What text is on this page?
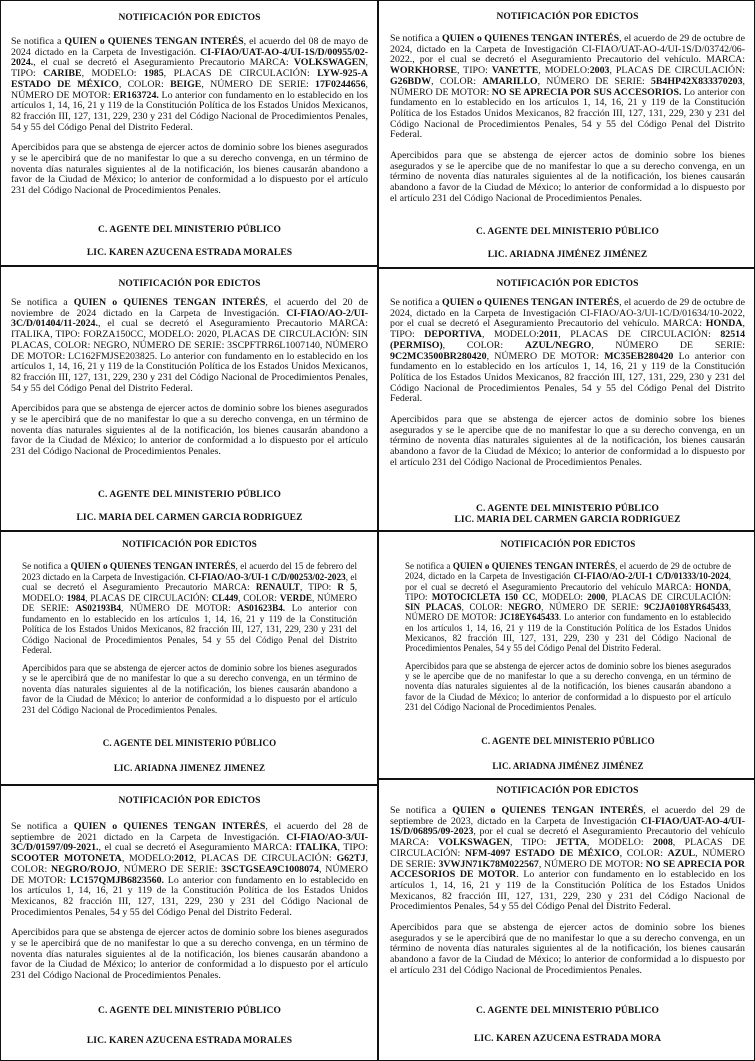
NOTIFICACIÓN POR EDICTOS

Se notifica a QUIEN o QUIENES TENGAN INTERÉS, el acuerdo del 08 de mayo de 2024 dictado en la Carpeta de Investigación. CI-FIAO/UAT-AO-4/UI-1S/D/00955/02-2024., el cual se decretó el Aseguramiento Precautorio MARCA: VOLKSWAGEN, TIPO: CARIBE, MODELO: 1985, PLACAS DE CIRCULACIÓN: LYW-925-A ESTADO DE MÉXICO, COLOR: BEIGE, NÚMERO DE SERIE: 17F0244656, NÚMERO DE MOTOR: ER163724. Lo anterior con fundamento en lo establecido en los artículos 1, 14, 16, 21 y 119 de la Constitución Política de los Estados Unidos Mexicanos, 82 fracción III, 127, 131, 229, 230 y 231 del Código Nacional de Procedimientos Penales, 54 y 55 del Código Penal del Distrito Federal.

Apercibidos para que se abstenga de ejercer actos de dominio sobre los bienes asegurados y se le apercibirá que de no manifestar lo que a su derecho convenga, en un término de noventa días naturales siguientes al de la notificación, los bienes causarán abandono a favor de la Ciudad de México; lo anterior de conformidad a lo dispuesto por el artículo 231 del Código Nacional de Procedimientos Penales.

C. AGENTE DEL MINISTERIO PÚBLICO
LIC. KAREN AZUCENA ESTRADA MORALES
NOTIFICACIÓN POR EDICTOS

Se notifica a QUIEN o QUIENES TENGAN INTERÉS, el acuerdo de 29 de octubre de 2024, dictado en la Carpeta de Investigación CI-FIAO/UAT-AO-4/UI-1S/D/03742/06-2022., por el cual se decretó el Aseguramiento Precautorio del vehículo. MARCA: WORKHORSE, TIPO: VANETTE, MODELO:2003, PLACAS DE CIRCULACIÓN: G26BDW, COLOR: AMARILLO, NÚMERO DE SERIE: 5B4HP42X833370203, NÚMERO DE MOTOR: NO SE APRECIA POR SUS ACCESORIOS. Lo anterior con fundamento en lo establecido en los artículos 1, 14, 16, 21 y 119 de la Constitución Política de los Estados Unidos Mexicanos, 82 fracción III, 127, 131, 229, 230 y 231 del Código Nacional de Procedimientos Penales, 54 y 55 del Código Penal del Distrito Federal.

Apercibidos para que se abstenga de ejercer actos de dominio sobre los bienes asegurados y se le apercibe que de no manifestar lo que a su derecho convenga, en un término de noventa días naturales siguientes al de la notificación, los bienes causarán abandono a favor de la Ciudad de México; lo anterior de conformidad a lo dispuesto por el artículo 231 del Código Nacional de Procedimientos Penales.

C. AGENTE DEL MINISTERIO PÚBLICO
LIC. ARIADNA JIMÉNEZ JIMÉNEZ
NOTIFICACIÓN POR EDICTOS

Se notifica a QUIEN o QUIENES TENGAN INTERÉS, el acuerdo del 20 de noviembre de 2024 dictado en la Carpeta de Investigación. CI-FIAO/AO-2/UI-3C/D/01404/11-2024., el cual se decretó el Aseguramiento Precautorio MARCA: ITALIKA, TIPO: FORZA150CC, MODELO: 2020, PLACAS DE CIRCULACIÓN: SIN PLACAS, COLOR: NEGRO, NÚMERO DE SERIE: 3SCPFTRR6L1007140, NÚMERO DE MOTOR: LC162FMJSE203825. Lo anterior con fundamento en lo establecido en los artículos 1, 14, 16, 21 y 119 de la Constitución Política de los Estados Unidos Mexicanos, 82 fracción III, 127, 131, 229, 230 y 231 del Código Nacional de Procedimientos Penales, 54 y 55 del Código Penal del Distrito Federal.

Apercibidos para que se abstenga de ejercer actos de dominio sobre los bienes asegurados y se le apercibirá que de no manifestar lo que a su derecho convenga, en un término de noventa días naturales siguientes al de la notificación, los bienes causarán abandono a favor de la Ciudad de México; lo anterior de conformidad a lo dispuesto por el artículo 231 del Código Nacional de Procedimientos Penales.

C. AGENTE DEL MINISTERIO PÚBLICO
LIC. MARIA DEL CARMEN GARCIA RODRIGUEZ
NOTIFICACIÓN POR EDICTOS

Se notifica a QUIEN o QUIENES TENGAN INTERÉS, el acuerdo de 29 de octubre de 2024, dictado en la Carpeta de Investigación CI-FIAO/AO-3/UI-1C/D/01634/10-2022, por el cual se decretó el Aseguramiento Precautorio del vehículo. MARCA: HONDA, TIPO: DEPORTIVA, MODELO:2011, PLACAS DE CIRCULACIÓN: 82514 (PERMISO), COLOR: AZUL/NEGRO, NÚMERO DE SERIE: 9C2MC3500BR280420, NÚMERO DE MOTOR: MC35EB280420 Lo anterior con fundamento en lo establecido en los artículos 1, 14, 16, 21 y 119 de la Constitución Política de los Estados Unidos Mexicanos, 82 fracción III, 127, 131, 229, 230 y 231 del Código Nacional de Procedimientos Penales, 54 y 55 del Código Penal del Distrito Federal.

Apercibidos para que se abstenga de ejercer actos de dominio sobre los bienes asegurados y se le apercibe que de no manifestar lo que a su derecho convenga, en un término de noventa días naturales siguientes al de la notificación, los bienes causarán abandono a favor de la Ciudad de México; lo anterior de conformidad a lo dispuesto por el artículo 231 del Código Nacional de Procedimientos Penales.

C. AGENTE DEL MINISTERIO PÚBLICO
LIC. MARIA DEL CARMEN GARCIA RODRIGUEZ
NOTIFICACIÓN POR EDICTOS

Se notifica a QUIEN o QUIENES TENGAN INTERÉS, el acuerdo del 15 de febrero del 2023 dictado en la Carpeta de Investigación. CI-FIAO/AO-3/UI-1 C/D/00253/02-2023, el cual se decretó el Aseguramiento Precautorio MARCA: RENAULT, TIPO: R 5, MODELO: 1984, PLACAS DE CIRCULACIÓN: CL449, COLOR: VERDE, NÚMERO DE SERIE: AS02193B4, NÚMERO DE MOTOR: AS01623B4. Lo anterior con fundamento en lo establecido en los artículos 1, 14, 16, 21 y 119 de la Constitución Política de los Estados Unidos Mexicanos, 82 fracción III, 127, 131, 229, 230 y 231 del Código Nacional de Procedimientos Penales, 54 y 55 del Código Penal del Distrito Federal.

Apercibidos para que se abstenga de ejercer actos de dominio sobre los bienes asegurados y se le apercibirá que de no manifestar lo que a su derecho convenga, en un término de noventa días naturales siguientes al de la notificación, los bienes causarán abandono a favor de la Ciudad de México; lo anterior de conformidad a lo dispuesto por el artículo 231 del Código Nacional de Procedimientos Penales.

C. AGENTE DEL MINISTERIO PÚBLICO
LIC. ARIADNA JIMENEZ JIMENEZ
NOTIFICACIÓN POR EDICTOS

Se notifica a QUIEN o QUIENES TENGAN INTERÉS, el acuerdo de 29 de octubre de 2024, dictado en la Carpeta de Investigación CI-FIAO/AO-2/UI-1 C/D/01333/10-2024, por el cual se decretó el Aseguramiento Precautorio del vehículo MARCA: HONDA, TIPO: MOTOCICLETA 150 CC, MODELO: 2000, PLACAS DE CIRCULACIÓN: SIN PLACAS, COLOR: NEGRO, NÚMERO DE SERIE: 9C2JA0108YR645433, NÚMERO DE MOTOR: JC18EY645433. Lo anterior con fundamento en lo establecido en los artículos 1, 14, 16, 21 y 119 de la Constitución Política de los Estados Unidos Mexicanos, 82 fracción III, 127, 131, 229, 230 y 231 del Código Nacional de Procedimientos Penales, 54 y 55 del Código Penal del Distrito Federal.

Apercibidos para que se abstenga de ejercer actos de dominio sobre los bienes asegurados y se le apercibe que de no manifestar lo que a su derecho convenga, en un término de noventa días naturales siguientes al de la notificación, los bienes causarán abandono a favor de la Ciudad de México; lo anterior de conformidad a lo dispuesto por el artículo 231 del Código Nacional de Procedimientos Penales.

C. AGENTE DEL MINISTERIO PÚBLICO
LIC. ARIADNA JIMÉNEZ JIMÉNEZ
NOTIFICACIÓN POR EDICTOS

Se notifica a QUIEN o QUIENES TENGAN INTERÉS, el acuerdo del 28 de septiembre de 2021 dictado en la Carpeta de Investigación. CI-FIAO/AO-3/UI-3C/D/01597/09-2021., el cual se decretó el Aseguramiento MARCA: ITALIKA, TIPO: SCOOTER MOTONETA, MODELO:2012, PLACAS DE CIRCULACIÓN: G62TJ, COLOR: NEGRO/ROJO, NÚMERO DE SERIE: 3SCTGSEA9C1008074, NÚMERO DE MOTOR: LC157QMJB6823560. Lo anterior con fundamento en lo establecido en los artículos 1, 14, 16, 21 y 119 de la Constitución Política de los Estados Unidos Mexicanos, 82 fracción III, 127, 131, 229, 230 y 231 del Código Nacional de Procedimientos Penales, 54 y 55 del Código Penal del Distrito Federal.

Apercibidos para que se abstenga de ejercer actos de dominio sobre los bienes asegurados y se le apercibirá que de no manifestar lo que a su derecho convenga, en un término de noventa días naturales siguientes al de la notificación, los bienes causarán abandono a favor de la Ciudad de México; lo anterior de conformidad a lo dispuesto por el artículo 231 del Código Nacional de Procedimientos Penales.

C. AGENTE DEL MINISTERIO PÚBLICO
LIC. KAREN AZUCENA ESTRADA MORALES
NOTIFICACIÓN POR EDICTOS

Se notifica a QUIEN o QUIENES TENGAN INTERÉS, el acuerdo del 29 de septiembre de 2023, dictado en la Carpeta de Investigación CI-FIAO/UAT-AO-4/UI-1S/D/06895/09-2023, por el cual se decretó el Aseguramiento Precautorio del vehículo MARCA: VOLKSWAGEN, TIPO: JETTA, MODELO: 2008, PLACAS DE CIRCULACIÓN: NFM-4097 ESTADO DE MÉXICO, COLOR: AZUL, NÚMERO DE SERIE: 3VWJN71K78M022567, NÚMERO DE MOTOR: NO SE APRECIA POR ACCESORIOS DE MOTOR. Lo anterior con fundamento en lo establecido en los artículos 1, 14, 16, 21 y 119 de la Constitución Política de los Estados Unidos Mexicanos, 82 fracción III, 127, 131, 229, 230 y 231 del Código Nacional de Procedimientos Penales, 54 y 55 del Código Penal del Distrito Federal.

Apercibidos para que se abstenga de ejercer actos de dominio sobre los bienes asegurados y se le apercibirá que de no manifestar lo que a su derecho convenga, en un término de noventa días naturales siguientes al de la notificación, los bienes causarán abandono a favor de la Ciudad de México; lo anterior de conformidad a lo dispuesto por el artículo 231 del Código Nacional de Procedimientos Penales.

C. AGENTE DEL MINISTERIO PÚBLICO
LIC. KAREN AZUCENA ESTRADA MORA
